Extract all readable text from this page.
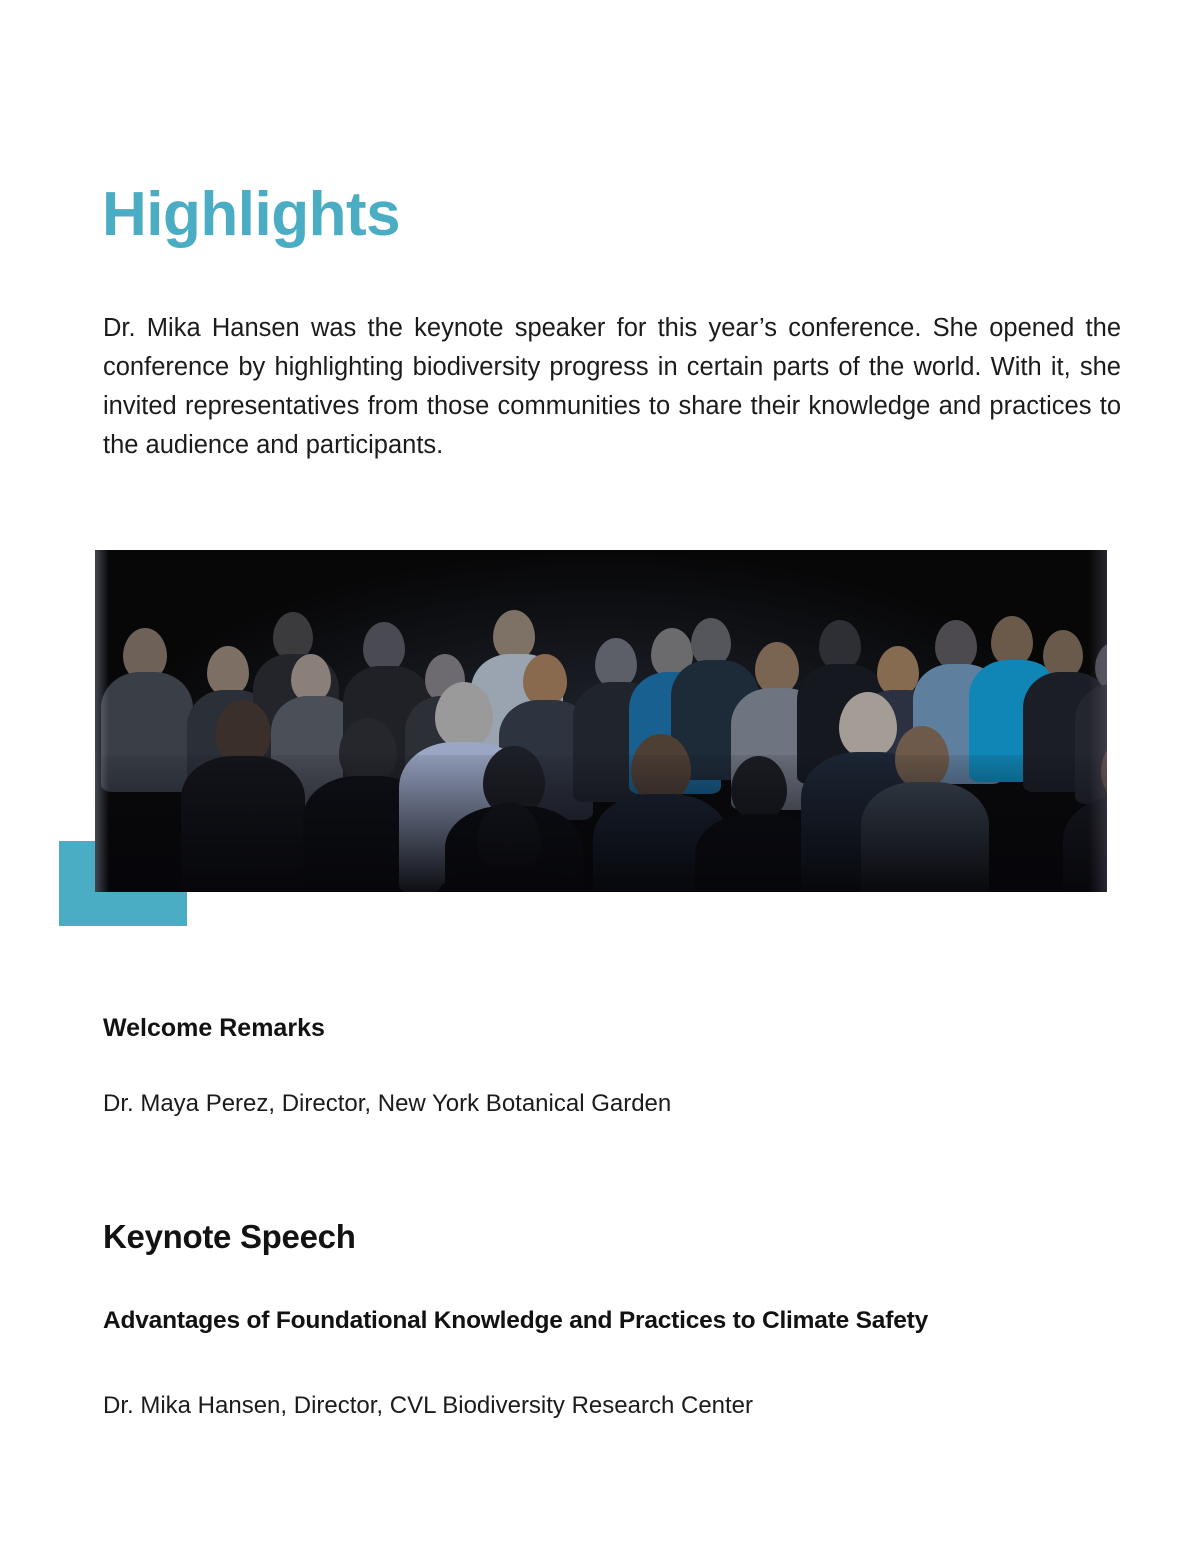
Highlights

Dr. Mika Hansen was the keynote speaker for this year’s conference. She opened the conference by highlighting biodiversity progress in certain parts of the world. With it, she invited representatives from those communities to share their knowledge and practices to the audience and participants.

Welcome Remarks
Dr. Maya Perez, Director, New York Botanical Garden
Keynote Speech
Advantages of Foundational Knowledge and Practices to Climate Safety
Dr. Mika Hansen, Director, CVL Biodiversity Research Center
